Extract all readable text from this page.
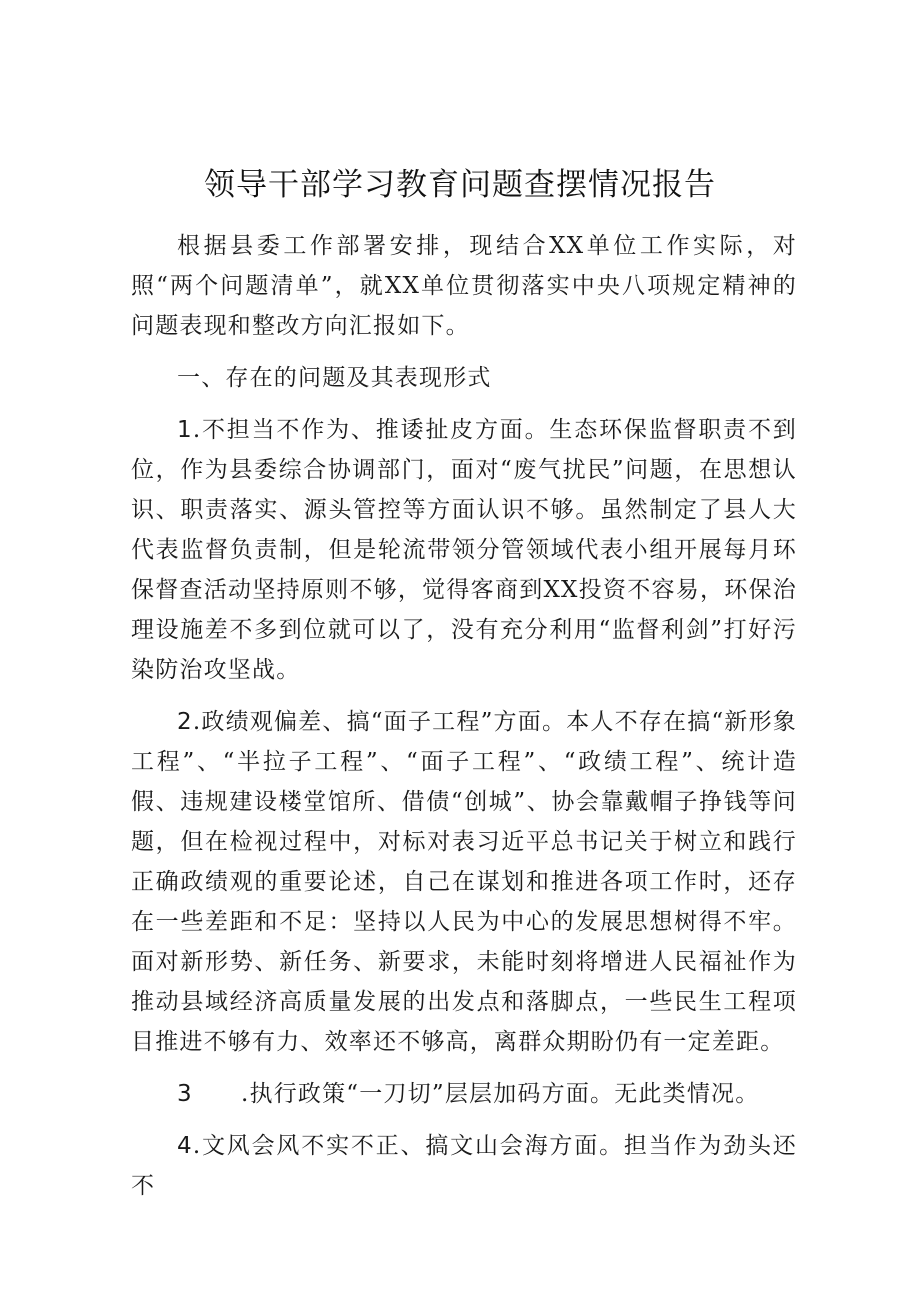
领导干部学习教育问题查摆情况报告

根据县委工作部署安排，现结合XX单位工作实际，对照“两个问题清单”，就XX单位贯彻落实中央八项规定精神的问题表现和整改方向汇报如下。

一、存在的问题及其表现形式

1.不担当不作为、推诿扯皮方面。生态环保监督职责不到位，作为县委综合协调部门，面对“废气扰民”问题，在思想认识、职责落实、源头管控等方面认识不够。虽然制定了县人大代表监督负责制，但是轮流带领分管领域代表小组开展每月环保督查活动坚持原则不够，觉得客商到XX投资不容易，环保治理设施差不多到位就可以了，没有充分利用“监督利剑”打好污染防治攻坚战。

2.政绩观偏差、搞“面子工程”方面。本人不存在搞“新形象工程”、“半拉子工程”、“面子工程”、“政绩工程”、统计造假、违规建设楼堂馆所、借债“创城”、协会靠戴帽子挣钱等问题，但在检视过程中，对标对表习近平总书记关于树立和践行正确政绩观的重要论述，自己在谋划和推进各项工作时，还存在一些差距和不足：坚持以人民为中心的发展思想树得不牢。面对新形势、新任务、新要求，未能时刻将增进人民福祉作为推动县域经济高质量发展的出发点和落脚点，一些民生工程项目推进不够有力、效率还不够高，离群众期盼仍有一定差距。

3 .执行政策“一刀切”层层加码方面。无此类情况。

4.文风会风不实不正、搞文山会海方面。担当作为劲头还不
